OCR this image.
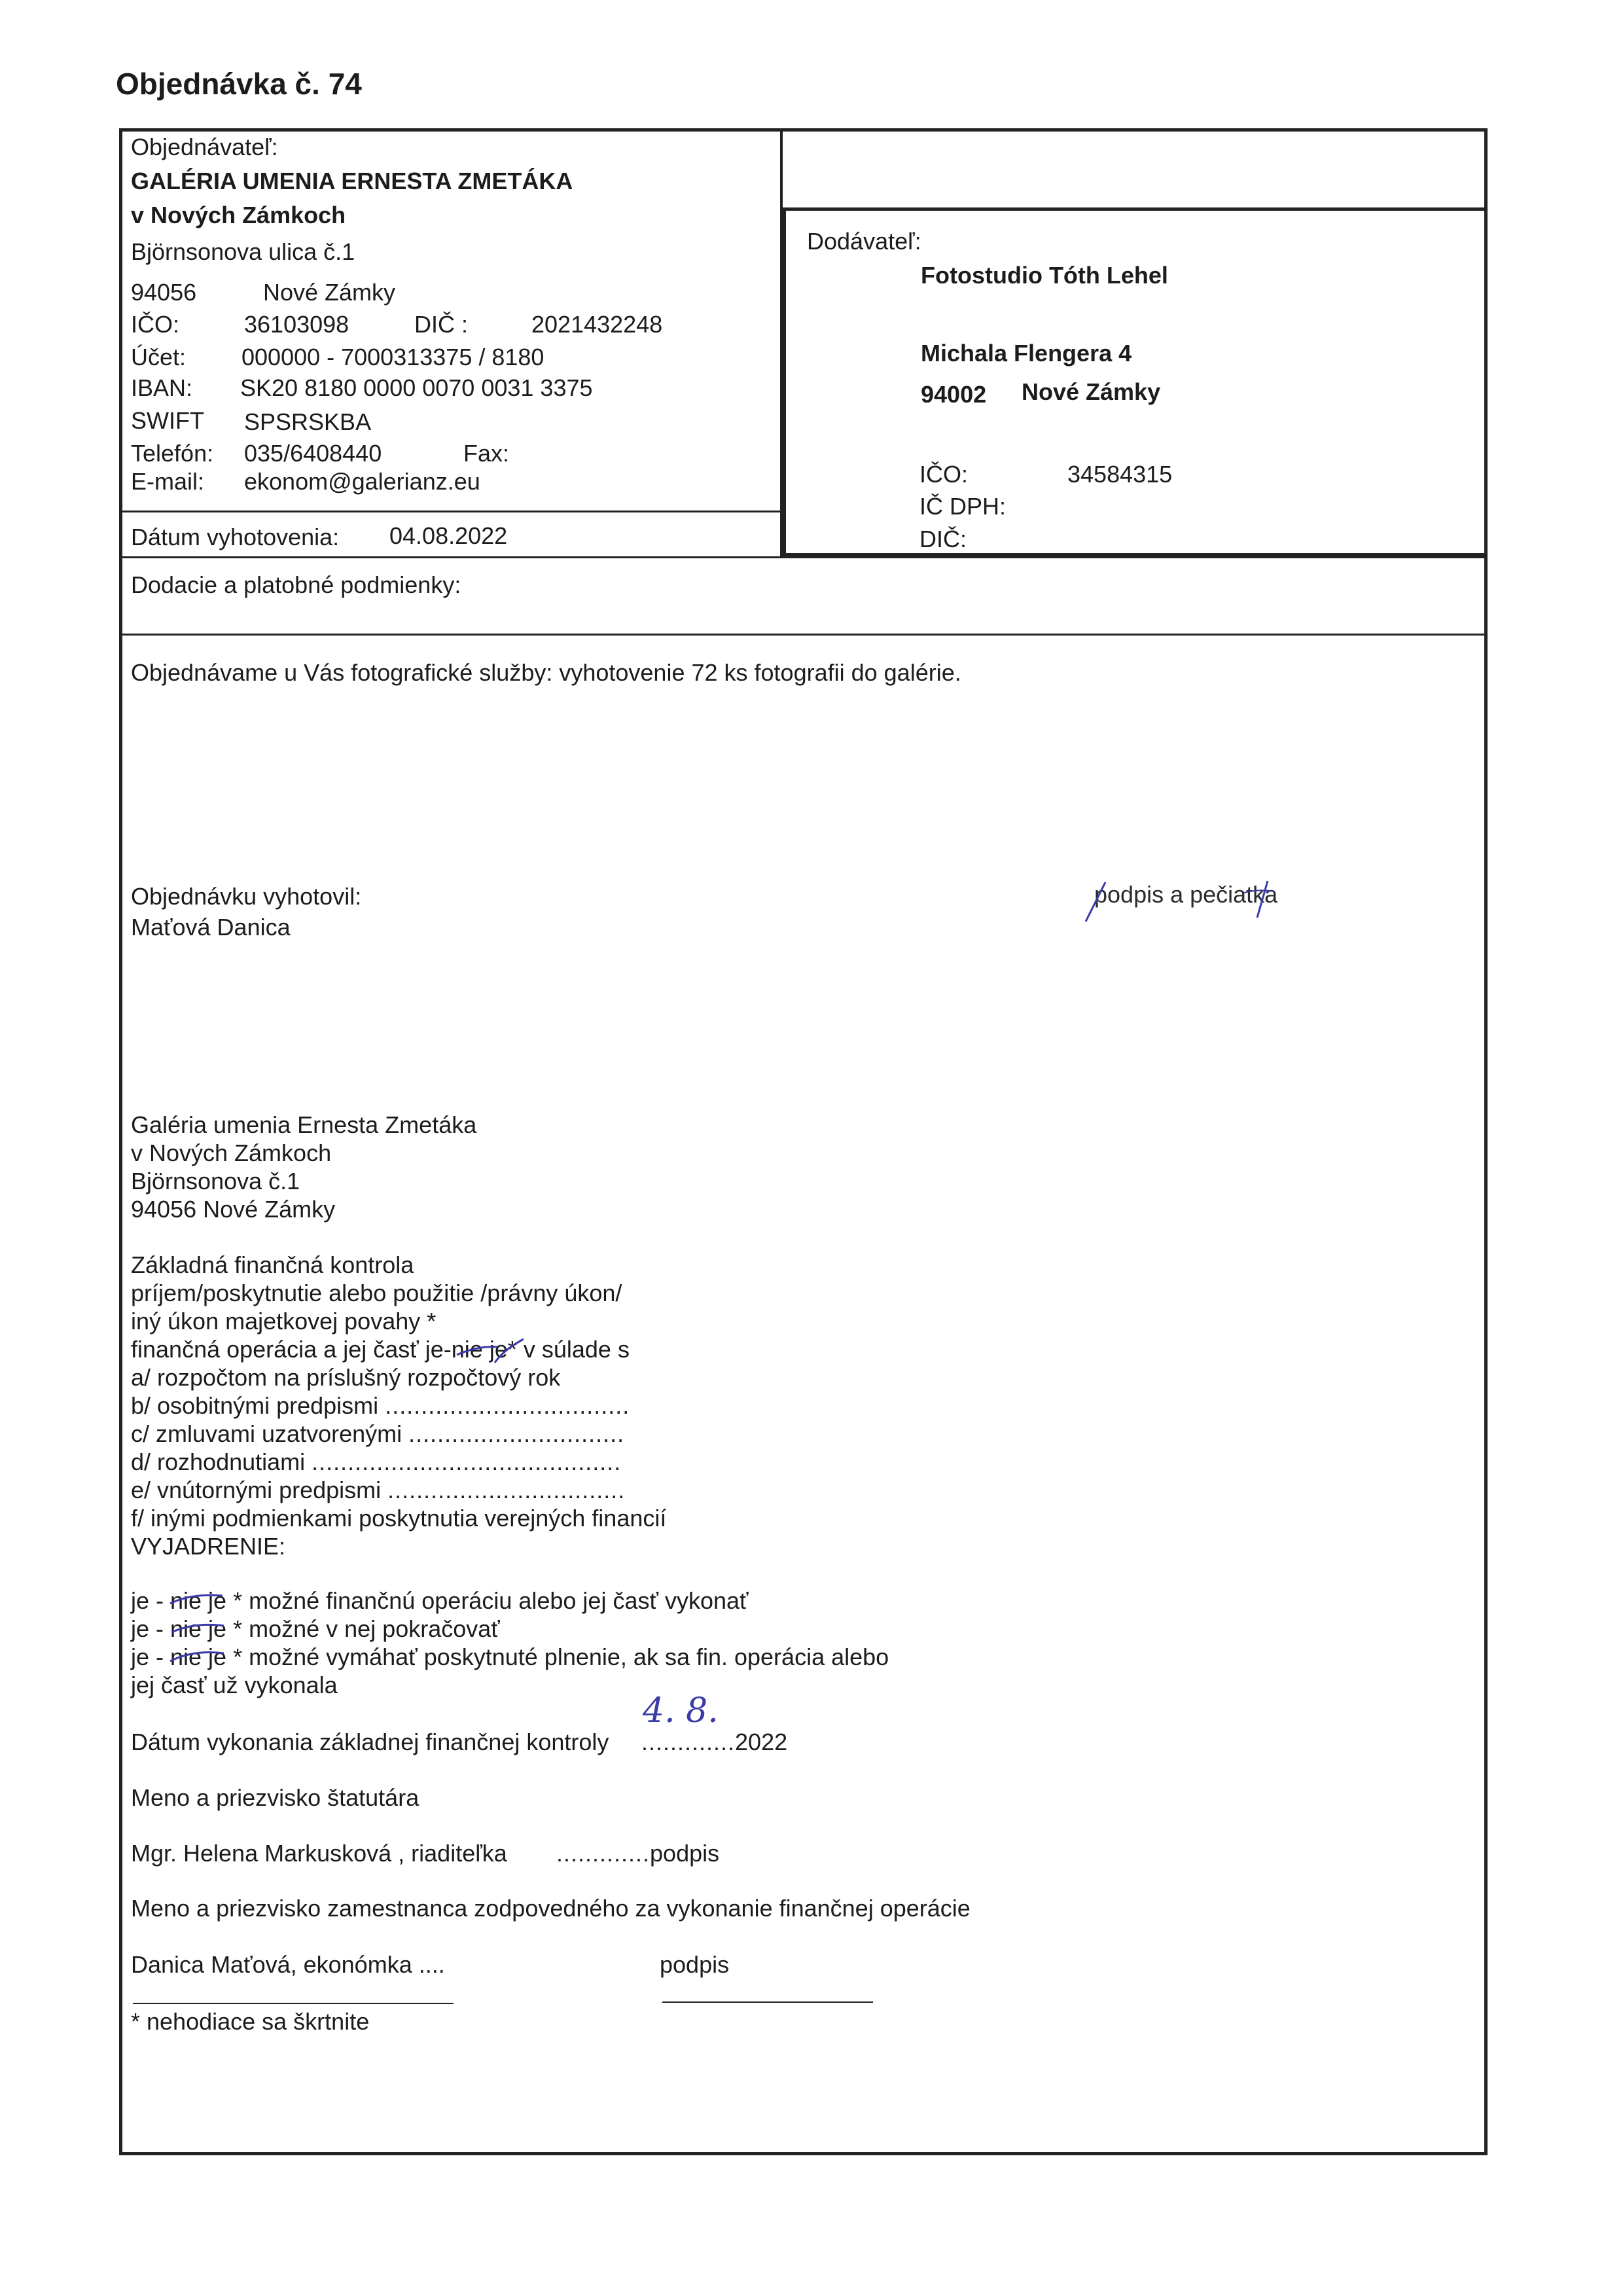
Objednávka č. 74
Objednávateľ:
GALÉRIA UMENIA ERNESTA ZMETÁKA
v Nových Zámkoch
Björnsonova ulica č.1
94056	Nové Zámky
IČO:	36103098	DIČ :	2021432248
Účet: 000000 - 7000313375 / 8180
IBAN: SK20 8180 0000 0070 0031 3375
SWIFT SPSRSKBA
Telefón: 035/6408440	Fax:
E-mail: ekonom@galerianz.eu
Dátum vyhotovenia: 04.08.2022
Dodávateľ:
Fotostudio Tóth Lehel
Michala Flengera 4
94002 Nové Zámky
IČO:	34584315
IČ DPH:
DIČ:
Dodacie a platobné podmienky:
Objednávame u Vás fotografické služby: vyhotovenie 72 ks fotografii do galérie.
Objednávku vyhotovil:
Maťová Danica
podpis a pečiatka
Galéria umenia Ernesta Zmetáka
v Nových Zámkoch
Björnsonova č.1
94056 Nové Zámky
Základná finančná kontrola
príjem/poskytnutie alebo použitie /právny úkon/
iný úkon majetkovej povahy *
finančná operácia a jej časť je-nie je* v súlade s
a/ rozpočtom na príslušný rozpočtový rok
b/ osobitnými predpismi ..................................
c/ zmluvami uzatvorenými ..............................
d/ rozhodnutiami ...........................................
e/ vnútornými predpismi .................................
f/ inými podmienkami poskytnutia verejných financií
VYJADRENIE:
je - nie je * možné finančnú operáciu alebo jej časť vykonať
je - nie je * možné v nej pokračovať
je - nie je * možné vymáhať poskytnuté plnenie, ak sa fin. operácia alebo
jej časť už vykonala
Dátum vykonania základnej finančnej kontroly .............2022
4. 8.
Meno a priezvisko štatutára
Mgr. Helena Markusková , riaditeľka .............podpis
Meno a priezvisko zamestnanca zodpovedného za vykonanie finančnej operácie
Danica Maťová, ekonómka ....	podpis
* nehodiace sa škrtnite
